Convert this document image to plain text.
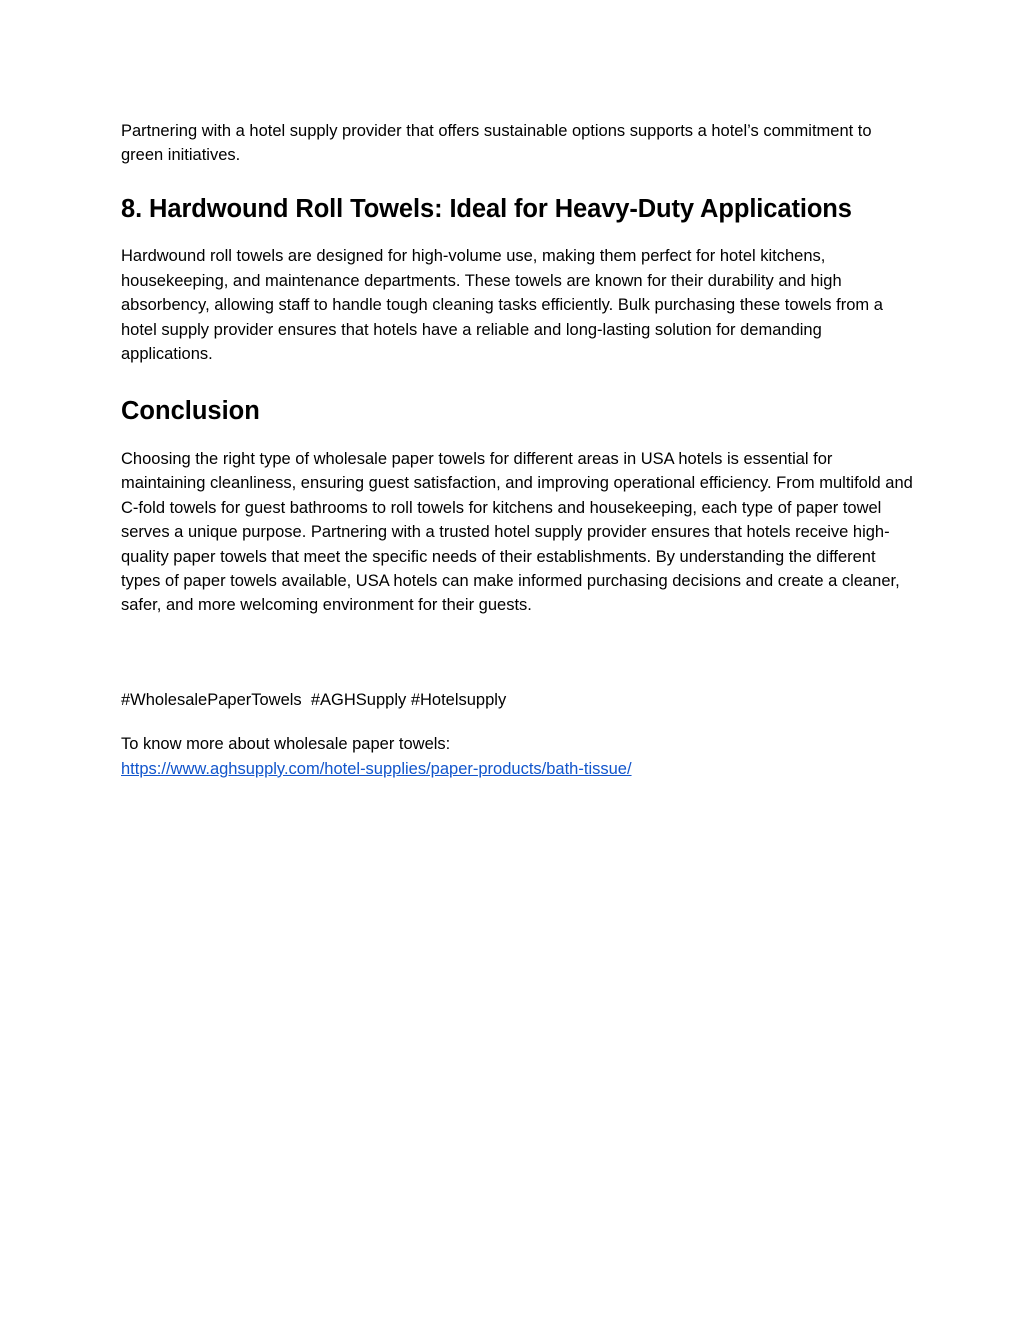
Partnering with a hotel supply provider that offers sustainable options supports a hotel’s commitment to green initiatives.

8. Hardwound Roll Towels: Ideal for Heavy-Duty Applications

Hardwound roll towels are designed for high-volume use, making them perfect for hotel kitchens, housekeeping, and maintenance departments. These towels are known for their durability and high absorbency, allowing staff to handle tough cleaning tasks efficiently. Bulk purchasing these towels from a hotel supply provider ensures that hotels have a reliable and long-lasting solution for demanding applications.

Conclusion

Choosing the right type of wholesale paper towels for different areas in USA hotels is essential for maintaining cleanliness, ensuring guest satisfaction, and improving operational efficiency. From multifold and C-fold towels for guest bathrooms to roll towels for kitchens and housekeeping, each type of paper towel serves a unique purpose. Partnering with a trusted hotel supply provider ensures that hotels receive high-quality paper towels that meet the specific needs of their establishments. By understanding the different types of paper towels available, USA hotels can make informed purchasing decisions and create a cleaner, safer, and more welcoming environment for their guests.

#WholesalePaperTowels  #AGHSupply #Hotelsupply

To know more about wholesale paper towels:

https://www.aghsupply.com/hotel-supplies/paper-products/bath-tissue/
